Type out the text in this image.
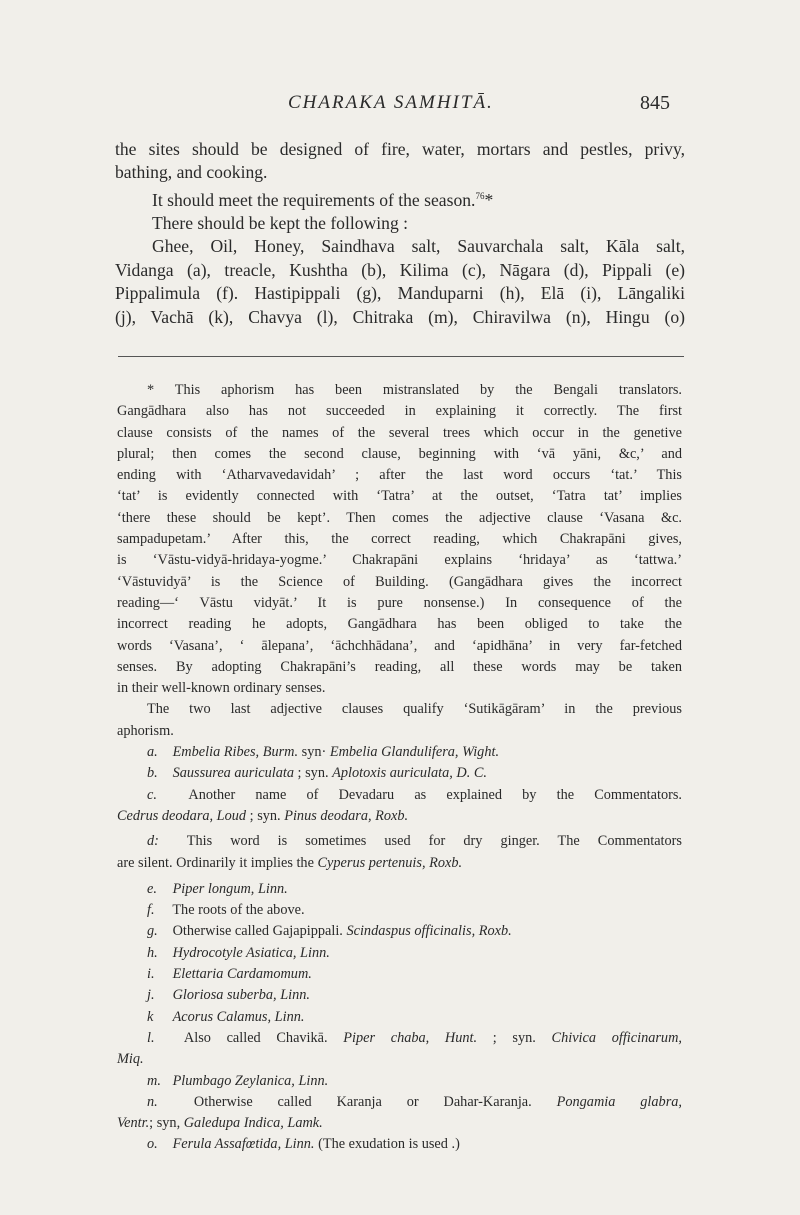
CHARAKA SAMHITĀ.	845
the sites should be designed of fire, water, mortars and pestles, privy,
bathing, and cooking.
It should meet the requirements of the season.$^{76}$*
There should be kept the following :
Ghee, Oil, Honey, Saindhava salt, Sauvarchala salt, Kāla salt,
Vidanga (a), treacle, Kushtha (b), Kilima (c), Nāgara (d), Pippali (e)
Pippalimula (f). Hastipippali (g), Manduparni (h), Elā (i), Lāngaliki
(j), Vachā (k), Chavya (l), Chitraka (m), Chiravilwa (n), Hingu (o)
* This aphorism has been mistranslated by the Bengali translators.
Gangādhara also has not succeeded in explaining it correctly. The first
clause consists of the names of the several trees which occur in the genetive
plural; then comes the second clause, beginning with ‘vā yāni, &c,’ and
ending with ‘Atharvavedavidah’ ; after the last word occurs ‘tat.’ This
‘tat’ is evidently connected with ‘Tatra’ at the outset, ‘Tatra tat’ implies
‘there these should be kept’. Then comes the adjective clause ‘Vasana &c.
sampadupetam.’ After this, the correct reading, which Chakrapāni gives,
is ‘Vāstu-vidyā-hridaya-yogme.’ Chakrapāni explains ‘hridaya’ as ‘tattwa.’
‘Vāstuvidyā’ is the Science of Building. (Gangādhara gives the incorrect
reading—‘ Vāstu vidyāt.’ It is pure nonsense.) In consequence of the
incorrect reading he adopts, Gangādhara has been obliged to take the
words ‘Vasana’, ‘ ālepana’, ‘āchchhādana’, and ‘apidhāna’ in very far-fetched
senses. By adopting Chakrapāni’s reading, all these words may be taken
in their well-known ordinary senses.
The two last adjective clauses qualify ‘Sutikāgāram’ in the previous
aphorism.
a. Embelia Ribes, Burm. syn· Embelia Glandulifera, Wight.
b. Saussurea auriculata ; syn. Aplotoxis auriculata, D. C.
c. Another name of Devadaru as explained by the Commentators.
Cedrus deodara, Loud ; syn. Pinus deodara, Roxb.
d: This word is sometimes used for dry ginger. The Commentators
are silent. Ordinarily it implies the Cyperus pertenuis, Roxb.
e. Piper longum, Linn.
f. The roots of the above.
g. Otherwise called Gajapippali. Scindaspus officinalis, Roxb.
h. Hydrocotyle Asiatica, Linn.
i. Elettaria Cardamomum.
j. Gloriosa suberba, Linn.
k Acorus Calamus, Linn.
l. Also called Chavikā. Piper chaba, Hunt. ; syn. Chivica officinarum,
Miq.
m. Plumbago Zeylanica, Linn.
n.	Otherwise called Karanja or Dahar-Karanja. Pongamia glabra,
Ventr.; syn, Galedupa Indica, Lamk.
o. Ferula Assafœtida, Linn. (The exudation is used .)
